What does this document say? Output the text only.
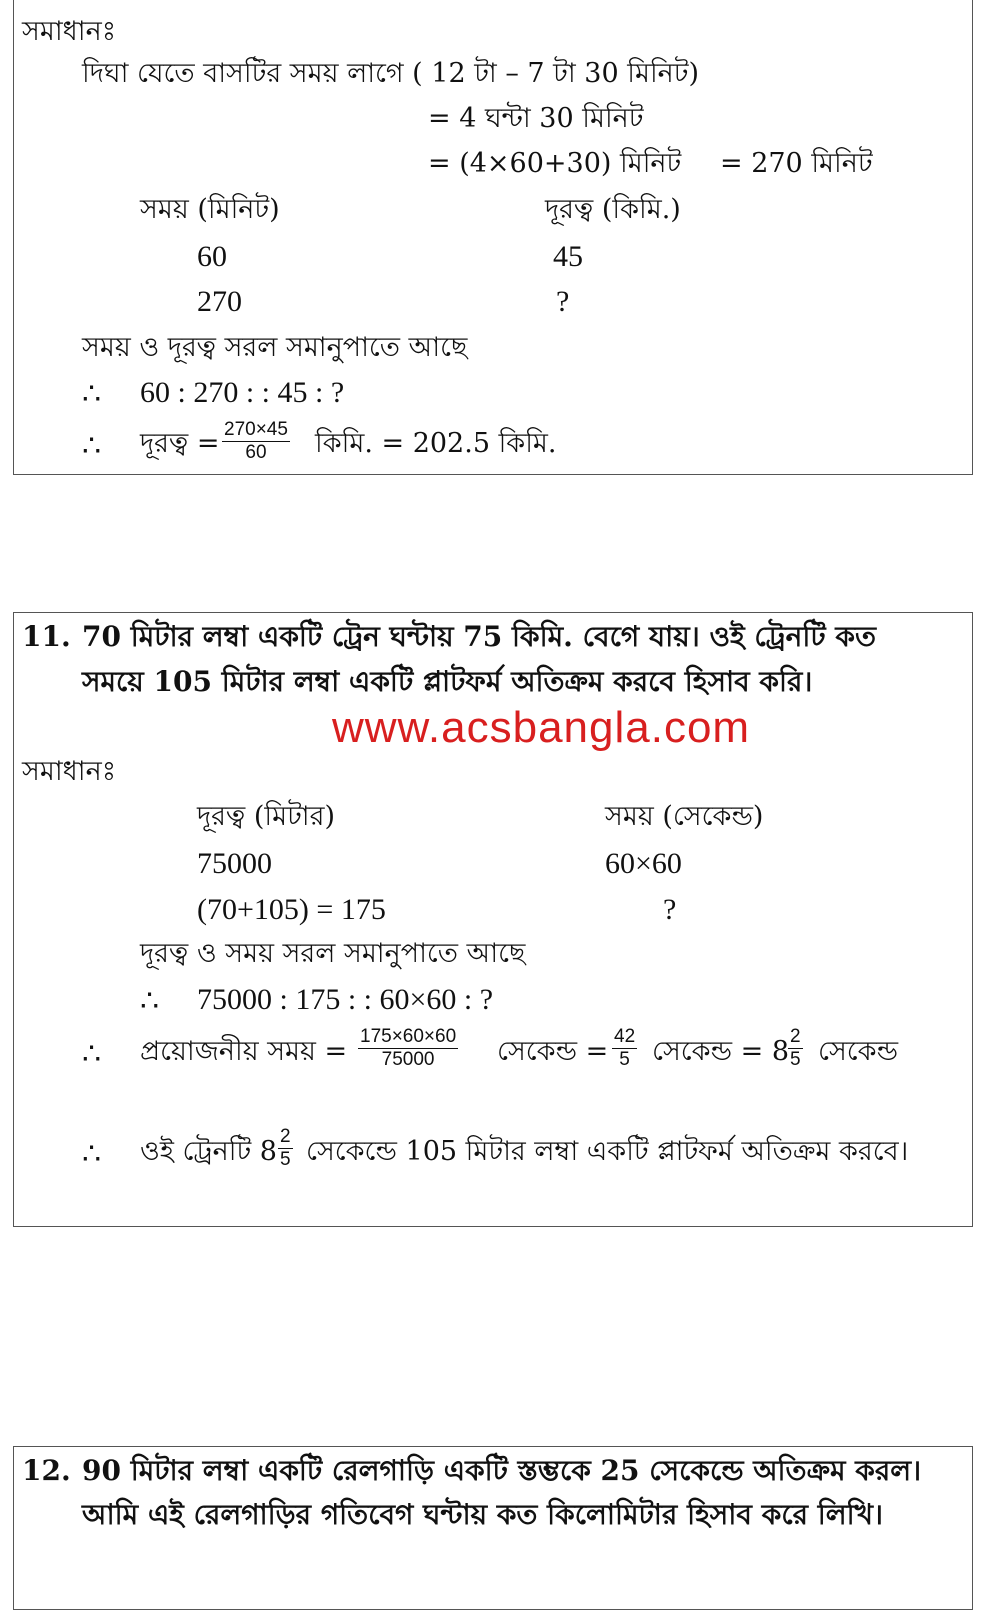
সমাধানঃ
দিঘা যেতে বাসটির সময় লাগে ( 12 টা – 7 টা 30 মিনিট)
= 4 ঘন্টা 30 মিনিট
= (4×60+30) মিনিট = 270 মিনিট
সময় (মিনিট)	দূরত্ব (কিমি.)
60	45
270	?
সময় ও দূরত্ব সরল সমানুপাতে আছে
∴ 60 : 270 : : 45 : ?
∴ দূরত্ব = $\frac{270\times 45}{60}$ কিমি. = 202.5 কিমি.
11. 70 মিটার লম্বা একটি ট্রেন ঘন্টায় 75 কিমি. বেগে যায়। ওই ট্রেনটি কত
সময়ে 105 মিটার লম্বা একটি প্লাটফর্ম অতিক্রম করবে হিসাব করি।
www.acsbangla.com
সমাধানঃ
দূরত্ব (মিটার)	সময় (সেকেন্ড)
75000	60×60
(70+105) = 175	?
দূরত্ব ও সময় সরল সমানুপাতে আছে
∴ 75000 : 175 : : 60×60 : ?
∴ প্রয়োজনীয় সময় = $\frac{175\times 60\times 60}{75000}$ সেকেন্ড = $\frac{42}{5}$ সেকেন্ড = 8
$\frac{2}{5}$ সেকেন্ড
∴ ওই ট্রেনটি $8 \frac{2}{5}$ সেকেন্ডে 105 মিটার লম্বা একটি প্লাটফর্ম অতিক্রম করবে।
12. 90 মিটার লম্বা একটি রেলগাড়ি একটি স্তম্ভকে 25 সেকেন্ডে অতিক্রম করল।
আমি এই রেলগাড়ির গতিবেগ ঘন্টায় কত কিলোমিটার হিসাব করে লিখি।
